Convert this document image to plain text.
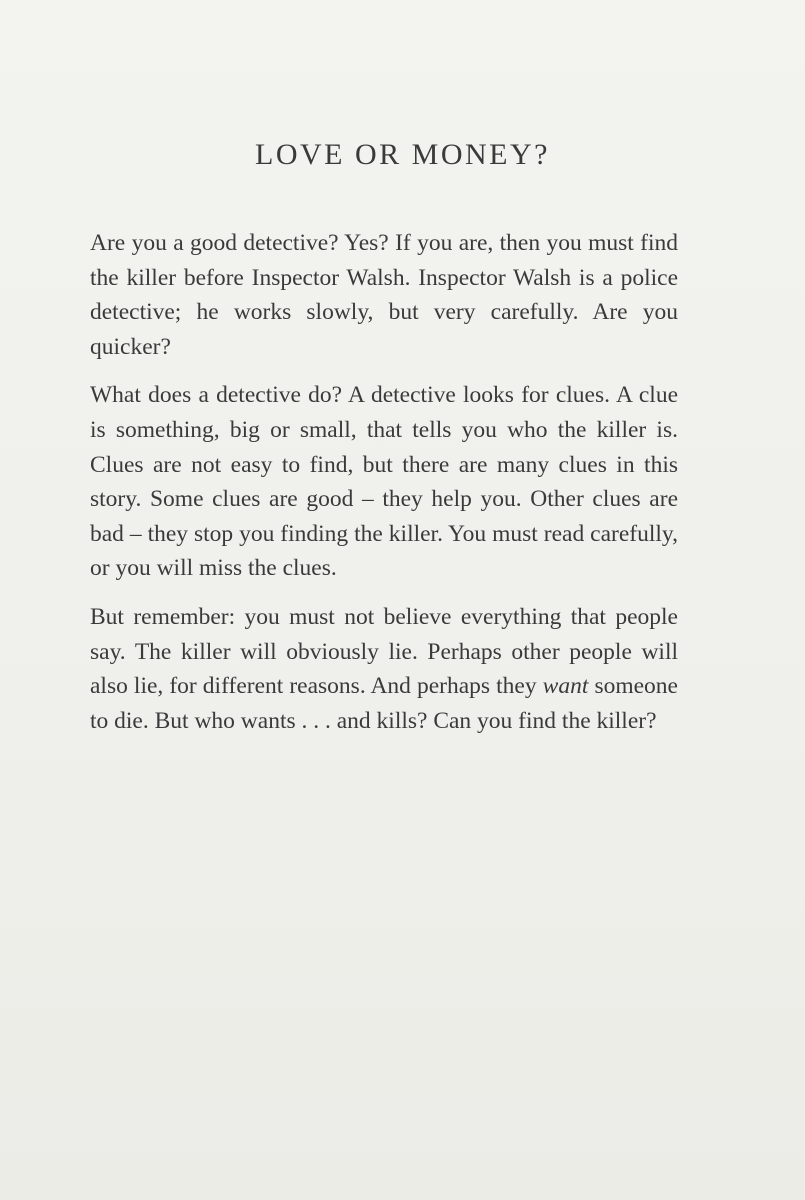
LOVE OR MONEY?

Are you a good detective? Yes? If you are, then you must find the killer before Inspector Walsh. Inspector Walsh is a police detective; he works slowly, but very carefully. Are you quicker?

What does a detective do? A detective looks for clues. A clue is something, big or small, that tells you who the killer is. Clues are not easy to find, but there are many clues in this story. Some clues are good – they help you. Other clues are bad – they stop you finding the killer. You must read carefully, or you will miss the clues.

But remember: you must not believe everything that people say. The killer will obviously lie. Perhaps other people will also lie, for different reasons. And perhaps they want someone to die. But who wants . . . and kills? Can you find the killer?
